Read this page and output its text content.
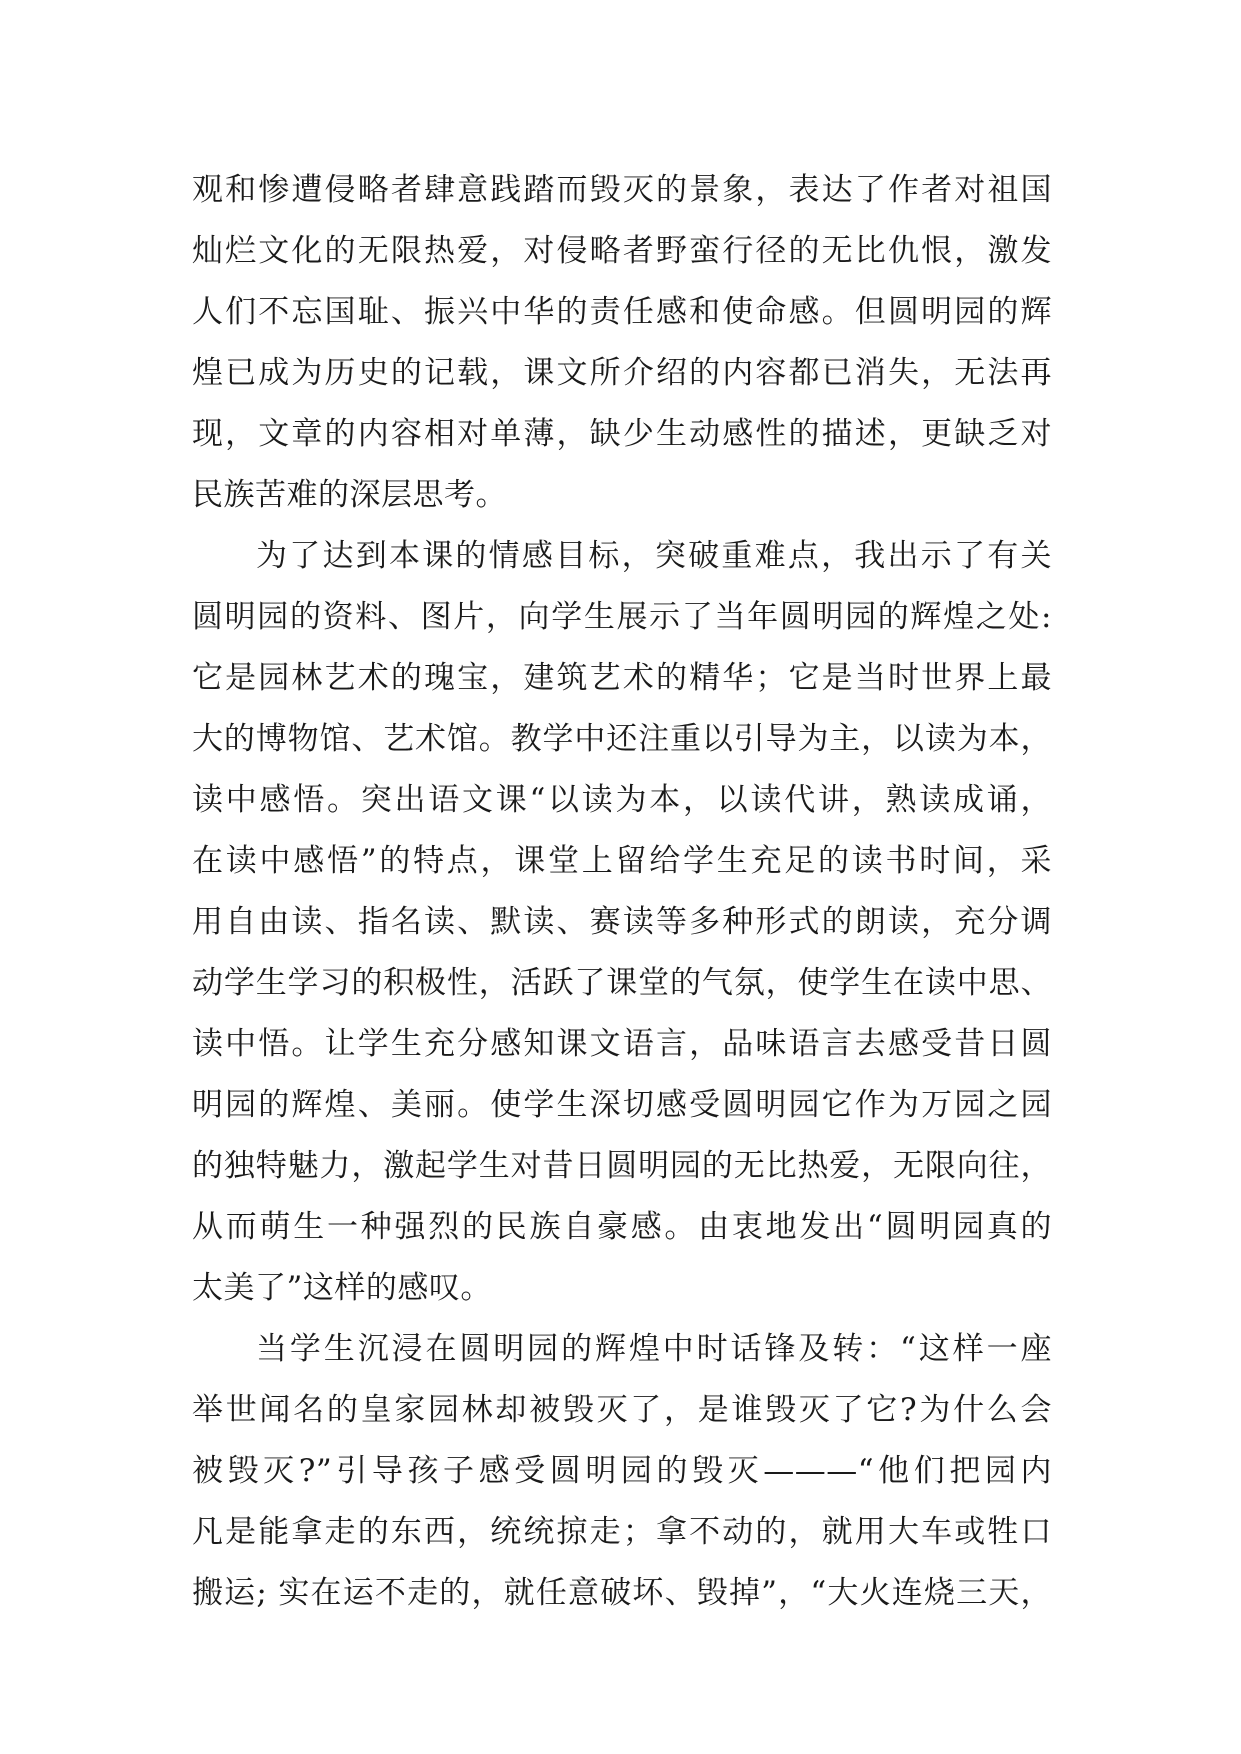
观和惨遭侵略者肆意践踏而毁灭的景象，表达了作者对祖国
灿烂文化的无限热爱，对侵略者野蛮行径的无比仇恨，激发
人们不忘国耻、振兴中华的责任感和使命感。但圆明园的辉
煌已成为历史的记载，课文所介绍的内容都已消失，无法再
现，文章的内容相对单薄，缺少生动感性的描述，更缺乏对
民族苦难的深层思考。
为了达到本课的情感目标，突破重难点，我出示了有关
圆明园的资料、图片，向学生展示了当年圆明园的辉煌之处:
它是园林艺术的瑰宝，建筑艺术的精华；它是当时世界上最
大的博物馆、艺术馆。教学中还注重以引导为主，以读为本，
读中感悟。突出语文课“以读为本，以读代讲，熟读成诵，
在读中感悟”的特点，课堂上留给学生充足的读书时间，采
用自由读、指名读、默读、赛读等多种形式的朗读，充分调
动学生学习的积极性，活跃了课堂的气氛，使学生在读中思、
读中悟。让学生充分感知课文语言，品味语言去感受昔日圆
明园的辉煌、美丽。使学生深切感受圆明园它作为万园之园
的独特魅力，激起学生对昔日圆明园的无比热爱，无限向往，
从而萌生一种强烈的民族自豪感。由衷地发出“圆明园真的
太美了”这样的感叹。
当学生沉浸在圆明园的辉煌中时话锋及转：“这样一座
举世闻名的皇家园林却被毁灭了，是谁毁灭了它?为什么会
被毁灭?”引导孩子感受圆明园的毁灭———“他们把园内
凡是能拿走的东西，统统掠走；拿不动的，就用大车或牲口
搬运; 实在运不走的，就任意破坏、毁掉”，“大火连烧三天，
